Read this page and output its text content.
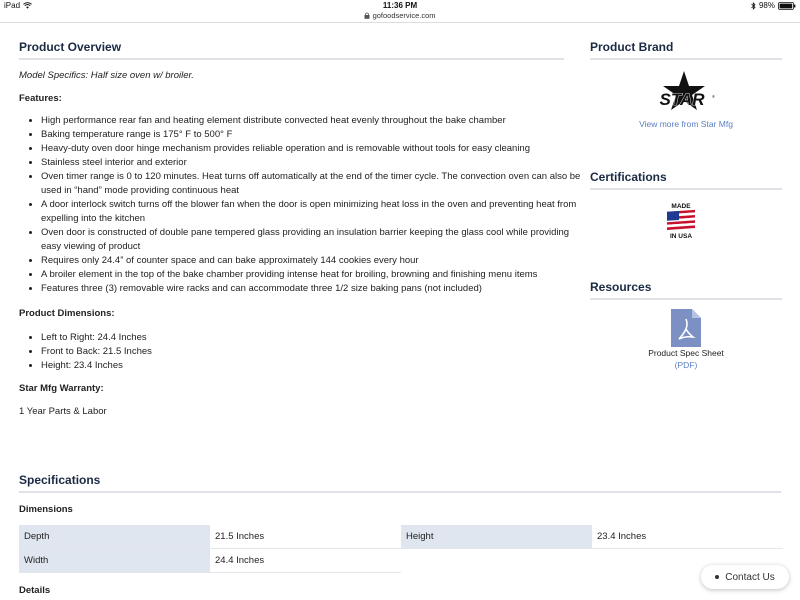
iPad	11:36 PM	98%
gofoodservice.com
Product Overview
Model Specifics: Half size oven w/ broiler.
Features:
• High performance rear fan and heating element distribute convected heat evenly throughout the bake chamber
• Baking temperature range is 175° F to 500° F
• Heavy-duty oven door hinge mechanism provides reliable operation and is removable without tools for easy cleaning
• Stainless steel interior and exterior
• Oven timer range is 0 to 120 minutes. Heat turns off automatically at the end of the timer cycle. The convection oven can also be used in “hand” mode providing continuous heat
• A door interlock switch turns off the blower fan when the door is open minimizing heat loss in the oven and preventing heat from expelling into the kitchen
• Oven door is constructed of double pane tempered glass providing an insulation barrier keeping the glass cool while providing easy viewing of product
• Requires only 24.4” of counter space and can bake approximately 144 cookies every hour
• A broiler element in the top of the bake chamber providing intense heat for broiling, browning and finishing menu items
• Features three (3) removable wire racks and can accommodate three 1/2 size baking pans (not included)
Product Dimensions:
• Left to Right: 24.4 Inches
• Front to Back: 21.5 Inches
• Height: 23.4 Inches
Star Mfg Warranty:
1 Year Parts & Labor
Product Brand
STAR ®
View more from Star Mfg
Certifications
MADE
IN USA
Resources
Product Spec Sheet
(PDF)
Specifications
Dimensions
Depth	21.5 Inches	Height	23.4 Inches
Width	24.4 Inches		
Details
Contact Us
